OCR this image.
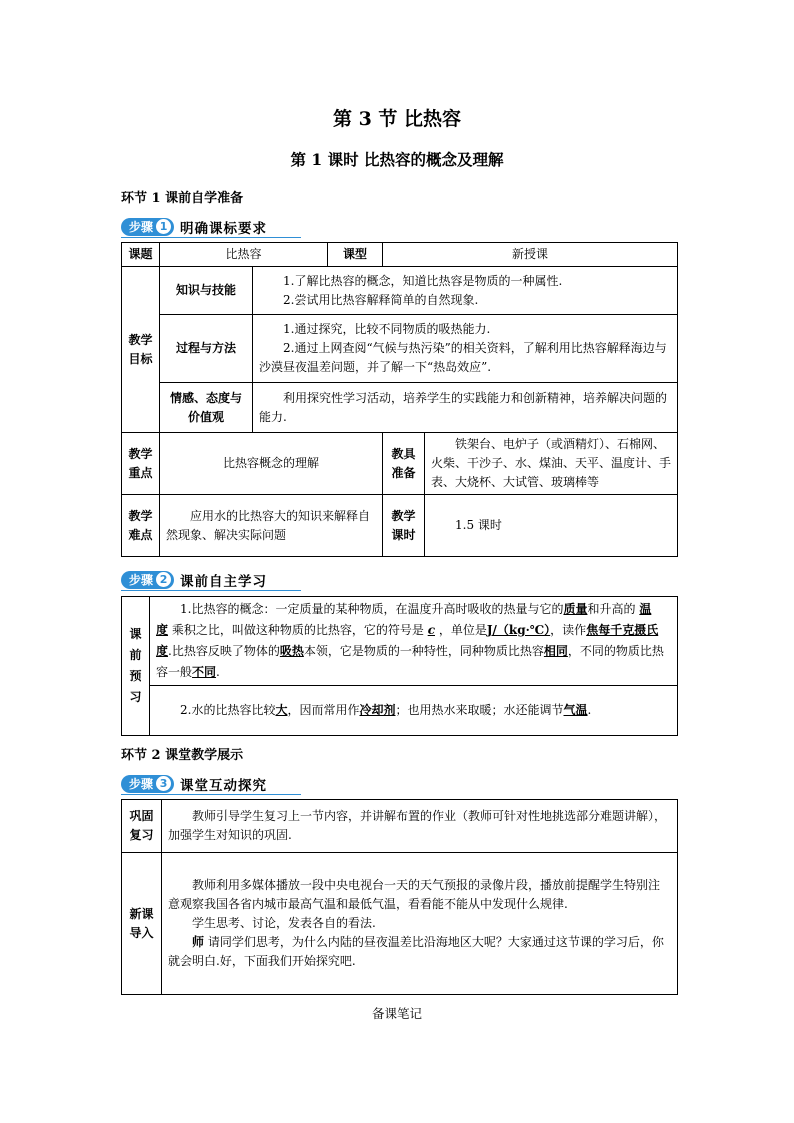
第 3 节 比热容
第 1 课时 比热容的概念及理解
环节 1 课前自学准备
步骤 1 明确课标要求
课题	比热容		课型	新授课	
教学目标	知识与技能	1.了解比热容的概念，知道比热容是物质的一种属性.
2.尝试用比热容解释简单的自然现象.			

	过程与方法	1.通过探究，比较不同物质的吸热能力.
2.通过上网查阅“气候与热污染”的相关资料，了解利用比热容解释海边与沙漠昼夜温差问题，并了解一下“热岛效应”.			

	情感、态度与价值观	利用探究性学习活动，培养学生的实践能力和创新精神，培养解决问题的能力.			
教学重点	比热容概念的理解			教具准备	铁架台、电炉子（或酒精灯）、石棉网、火柴、干沙子、水、煤油、天平、温度计、手表、大烧杯、大试管、玻璃棒等
教学难点	应用水的比热容大的知识来解释自然现象、解决实际问题			教学课时	1.5 课时
步骤 2 课前自主学习
课前预习	1.比热容的概念：一定质量的某种物质，在温度升高时吸收的热量与它的质量和升高的 温度 乘积之比，叫做这种物质的比热容，它的符号是 c ，单位是J/（kg·℃），读作焦每千克摄氏度.比热容反映了物体的吸热本领，它是物质的一种特性，同种物质比热容相同，不同的物质比热容一般不同.
2.水的比热容比较大，因而常用作冷却剂；也用热水来取暖；水还能调节气温.
环节 2 课堂教学展示
步骤 3 课堂互动探究
巩固复习	教师引导学生复习上一节内容，并讲解布置的作业（教师可针对性地挑选部分难题讲解），加强学生对知识的巩固.
新课导入	教师利用多媒体播放一段中央电视台一天的天气预报的录像片段，播放前提醒学生特别注意观察我国各省内城市最高气温和最低气温，看看能不能从中发现什么规律.
学生思考、讨论，发表各自的看法.
师 请同学们思考，为什么内陆的昼夜温差比沿海地区大呢？大家通过这节课的学习后，你就会明白.好，下面我们开始探究吧.
备课笔记
